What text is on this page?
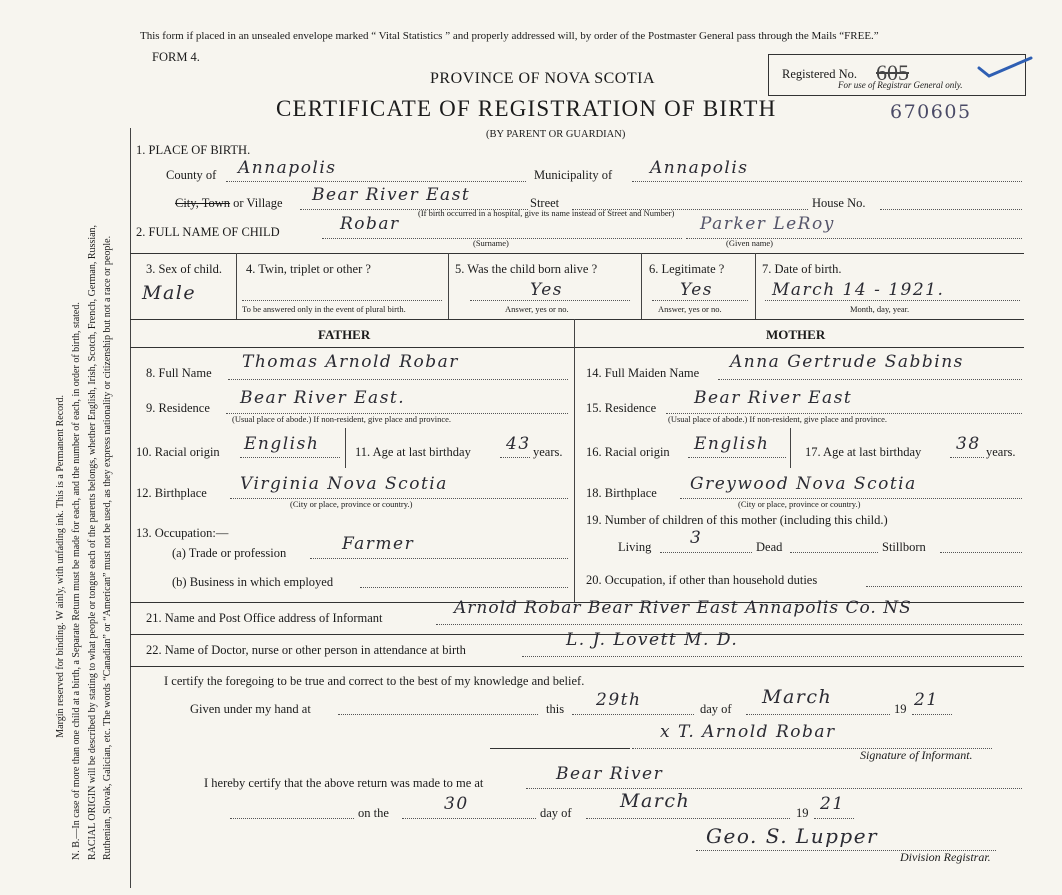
Margin reserved for binding. W ainly, with unfading ink. This is a Permanent Record. N. B.—In case of more than one child at a birth, a Separate Return must be made for each, and the number of each, in order of birth, stated. RACIAL ORIGIN will be described by stating to what people or tongue each of the parents belongs, whether English, Irish, Scotch, French, German, Russian, Ruthenian, Slovak, Galician, etc. The words “Canadian” or “American” must not be used, as they express nationality or citizenship but not a race or people.
This form if placed in an unsealed envelope marked “ Vital Statistics ” and properly addressed will, by order of the Postmaster General pass through the Mails “FREE.”
FORM 4.
PROVINCE OF NOVA SCOTIA
CERTIFICATE OF REGISTRATION OF BIRTH
(BY PARENT OR GUARDIAN)
670605
Registered No. 605
For use of Registrar General only.
1. PLACE OF BIRTH.
County of Annapolis	Municipality of Annapolis
City, Town or Village Bear River East	Street	House No.
(If birth occurred in a hospital, give its name instead of Street and Number)
2. FULL NAME OF CHILD	Robar
(Surname)
Parker LeRoy
(Given name)
3. Sex of child.
Male
4. Twin, triplet or other ?
To be answered only in the event of plural birth.
5. Was the child born alive ?
Yes
Answer, yes or no.
6. Legitimate ?
Yes
Answer, yes or no.
7. Date of birth.
March 14 - 1921.
Month, day, year.
FATHER	MOTHER
8. Full Name
Thomas Arnold Robar
9. Residence Bear River East.
(Usual place of abode.) If non-resident, give place and province.
10. Racial origin English	11. Age at last birthday 43 years.
12. Birthplace Virginia Nova Scotia
(City or place, province or country.)
13. Occupation:—
(a) Trade or profession	Farmer
(b) Business in which employed
14. Full Maiden Name
Anna Gertrude Sabbins
15. Residence Bear River East
(Usual place of abode.) If non-resident, give place and province.
16. Racial origin English	17. Age at last birthday 38 years.
18. Birthplace Greywood Nova Scotia
(City or place, province or country.)
19. Number of children of this mother (including this child.)
Living 3	Dead	Stillborn
20. Occupation, if other than household duties
21. Name and Post Office address of Informant	Arnold Robar Bear River East Annapolis Co. NS
22. Name of Doctor, nurse or other person in attendance at birth	L. J. Lovett M. D.
I certify the foregoing to be true and correct to the best of my knowledge and belief.
Given under my hand at	this 29th	day of
March
19 21
x T. Arnold Robar
Signature of Informant.
I hereby certify that the above return was made to me at	Bear River
on the	30	day of
March
19 21
Geo. S. Lupper
Division Registrar.
